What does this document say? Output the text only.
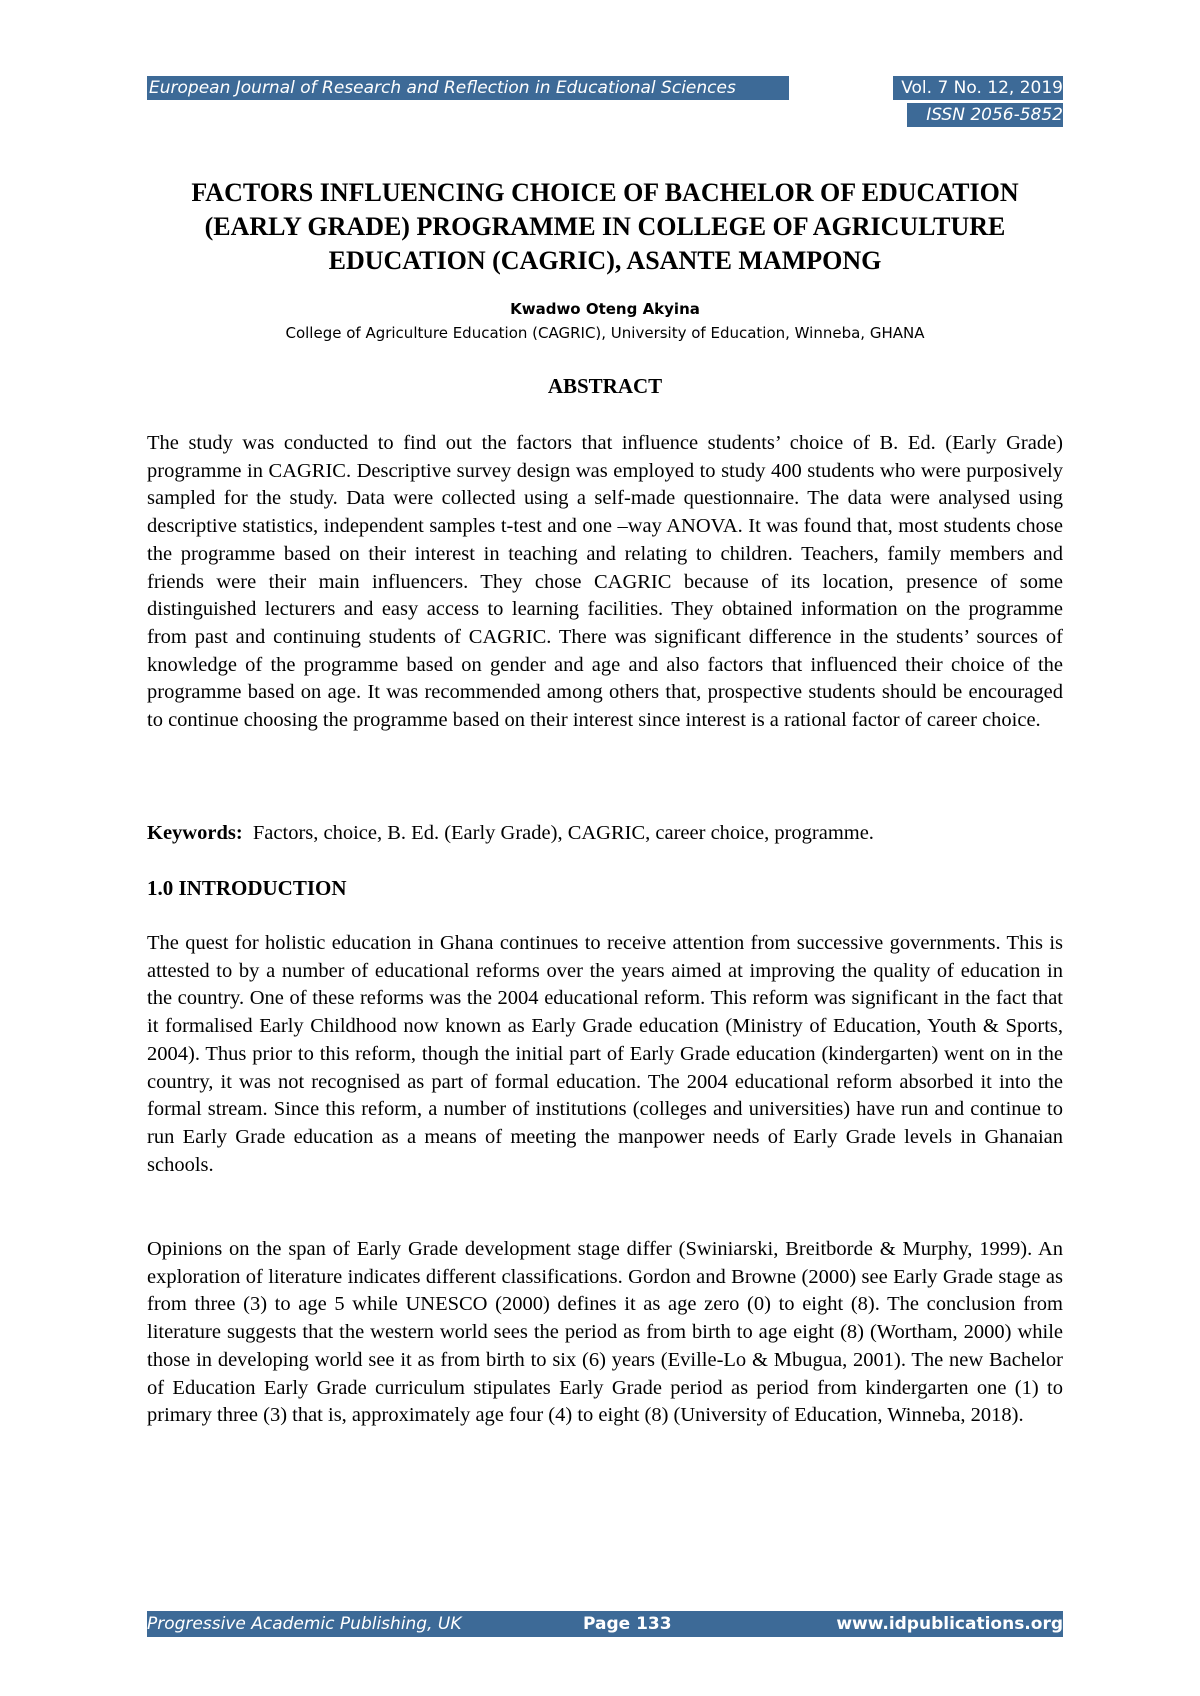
European Journal of Research and Reflection in Educational Sciences	Vol. 7 No. 12, 2019
ISSN 2056-5852
FACTORS INFLUENCING CHOICE OF BACHELOR OF EDUCATION (EARLY GRADE) PROGRAMME IN COLLEGE OF AGRICULTURE EDUCATION (CAGRIC), ASANTE MAMPONG

Kwadwo Oteng Akyina

College of Agriculture Education (CAGRIC), University of Education, Winneba, GHANA

ABSTRACT

The study was conducted to find out the factors that influence students’ choice of B. Ed. (Early Grade) programme in CAGRIC. Descriptive survey design was employed to study 400 students who were purposively sampled for the study. Data were collected using a self-made questionnaire. The data were analysed using descriptive statistics, independent samples t-test and one –way ANOVA. It was found that, most students chose the programme based on their interest in teaching and relating to children. Teachers, family members and friends were their main influencers. They chose CAGRIC because of its location, presence of some distinguished lecturers and easy access to learning facilities. They obtained information on the programme from past and continuing students of CAGRIC. There was significant difference in the students’ sources of knowledge of the programme based on gender and age and also factors that influenced their choice of the programme based on age. It was recommended among others that, prospective students should be encouraged to continue choosing the programme based on their interest since interest is a rational factor of career choice.

Keywords: Factors, choice, B. Ed. (Early Grade), CAGRIC, career choice, programme.

1.0 INTRODUCTION

The quest for holistic education in Ghana continues to receive attention from successive governments. This is attested to by a number of educational reforms over the years aimed at improving the quality of education in the country. One of these reforms was the 2004 educational reform. This reform was significant in the fact that it formalised Early Childhood now known as Early Grade education (Ministry of Education, Youth & Sports, 2004). Thus prior to this reform, though the initial part of Early Grade education (kindergarten) went on in the country, it was not recognised as part of formal education. The 2004 educational reform absorbed it into the formal stream. Since this reform, a number of institutions (colleges and universities) have run and continue to run Early Grade education as a means of meeting the manpower needs of Early Grade levels in Ghanaian schools.

Opinions on the span of Early Grade development stage differ (Swiniarski, Breitborde & Murphy, 1999). An exploration of literature indicates different classifications. Gordon and Browne (2000) see Early Grade stage as from three (3) to age 5 while UNESCO (2000) defines it as age zero (0) to eight (8). The conclusion from literature suggests that the western world sees the period as from birth to age eight (8) (Wortham, 2000) while those in developing world see it as from birth to six (6) years (Eville-Lo & Mbugua, 2001). The new Bachelor of Education Early Grade curriculum stipulates Early Grade period as period from kindergarten one (1) to primary three (3) that is, approximately age four (4) to eight (8) (University of Education, Winneba, 2018).

Progressive Academic Publishing, UK	Page 133	www.idpublications.org
